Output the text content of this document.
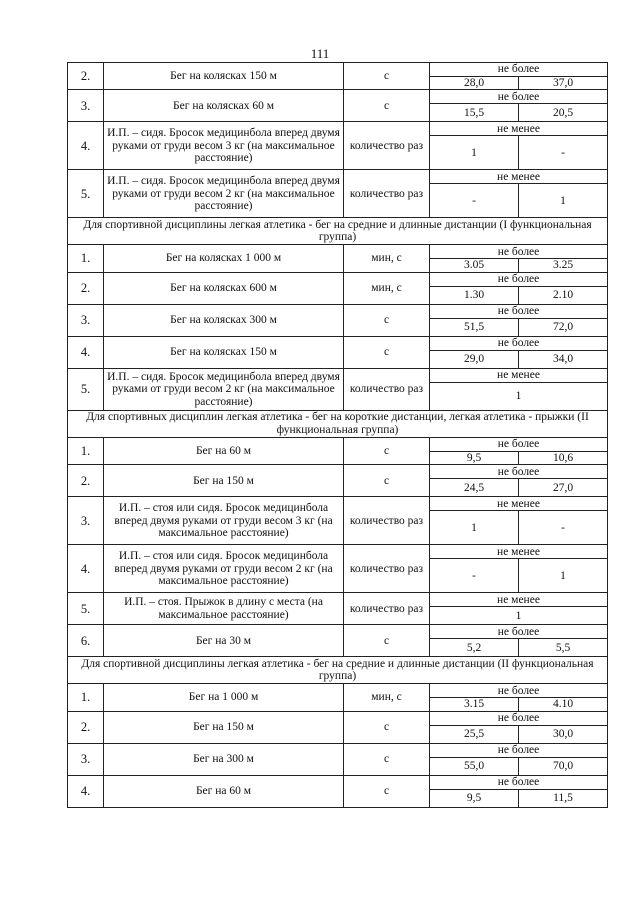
111
2.	Бег на колясках 150 м	с	не более	
			28,0	37,0
3.	Бег на колясках 60 м	с	не более	
			15,5	20,5
4.	И.П. – сидя. Бросок медицинбола вперед двумя руками от груди весом 3 кг (на максимальное расстояние)	количество раз	не менее	
			1	-
5.	И.П. – сидя. Бросок медицинбола вперед двумя руками от груди весом 2 кг (на максимальное расстояние)	количество раз	не менее	
			-	1
Для спортивной дисциплины легкая атлетика - бег на средние и длинные дистанции (I функциональная группа)				
1.	Бег на колясках 1 000 м	мин, с	не более	
			3.05	3.25
2.	Бег на колясках 600 м	мин, с	не более	
			1.30	2.10
3.	Бег на колясках 300 м	с	не более	
			51,5	72,0
4.	Бег на колясках 150 м	с	не более	
			29,0	34,0
5.	И.П. – сидя. Бросок медицинбола вперед двумя руками от груди весом 2 кг (на максимальное расстояние)	количество раз	не менее	
			1	
Для спортивных дисциплин легкая атлетика - бег на короткие дистанции, легкая атлетика - прыжки (II функциональная группа)				
1.	Бег на 60 м	с	не более	
			9,5	10,6
2.	Бег на 150 м	с	не более	
			24,5	27,0
3.	И.П. – стоя или сидя. Бросок медицинбола вперед двумя руками от груди весом 3 кг (на максимальное расстояние)	количество раз	не менее	
			1	-
4.	И.П. – стоя или сидя. Бросок медицинбола вперед двумя руками от груди весом 2 кг (на максимальное расстояние)	количество раз	не менее	
			-	1
5.	И.П. – стоя. Прыжок в длину с места (на максимальное расстояние)	количество раз	не менее	
			1	
6.	Бег на 30 м	с	не более	
			5,2	5,5
Для спортивной дисциплины легкая атлетика - бег на средние и длинные дистанции (II функциональная группа)				
1.	Бег на 1 000 м	мин, с	не более	
			3.15	4.10
2.	Бег на 150 м	с	не более	
			25,5	30,0
3.	Бег на 300 м	с	не более	
			55,0	70,0
4.	Бег на 60 м	с	не более	
			9,5	11,5
